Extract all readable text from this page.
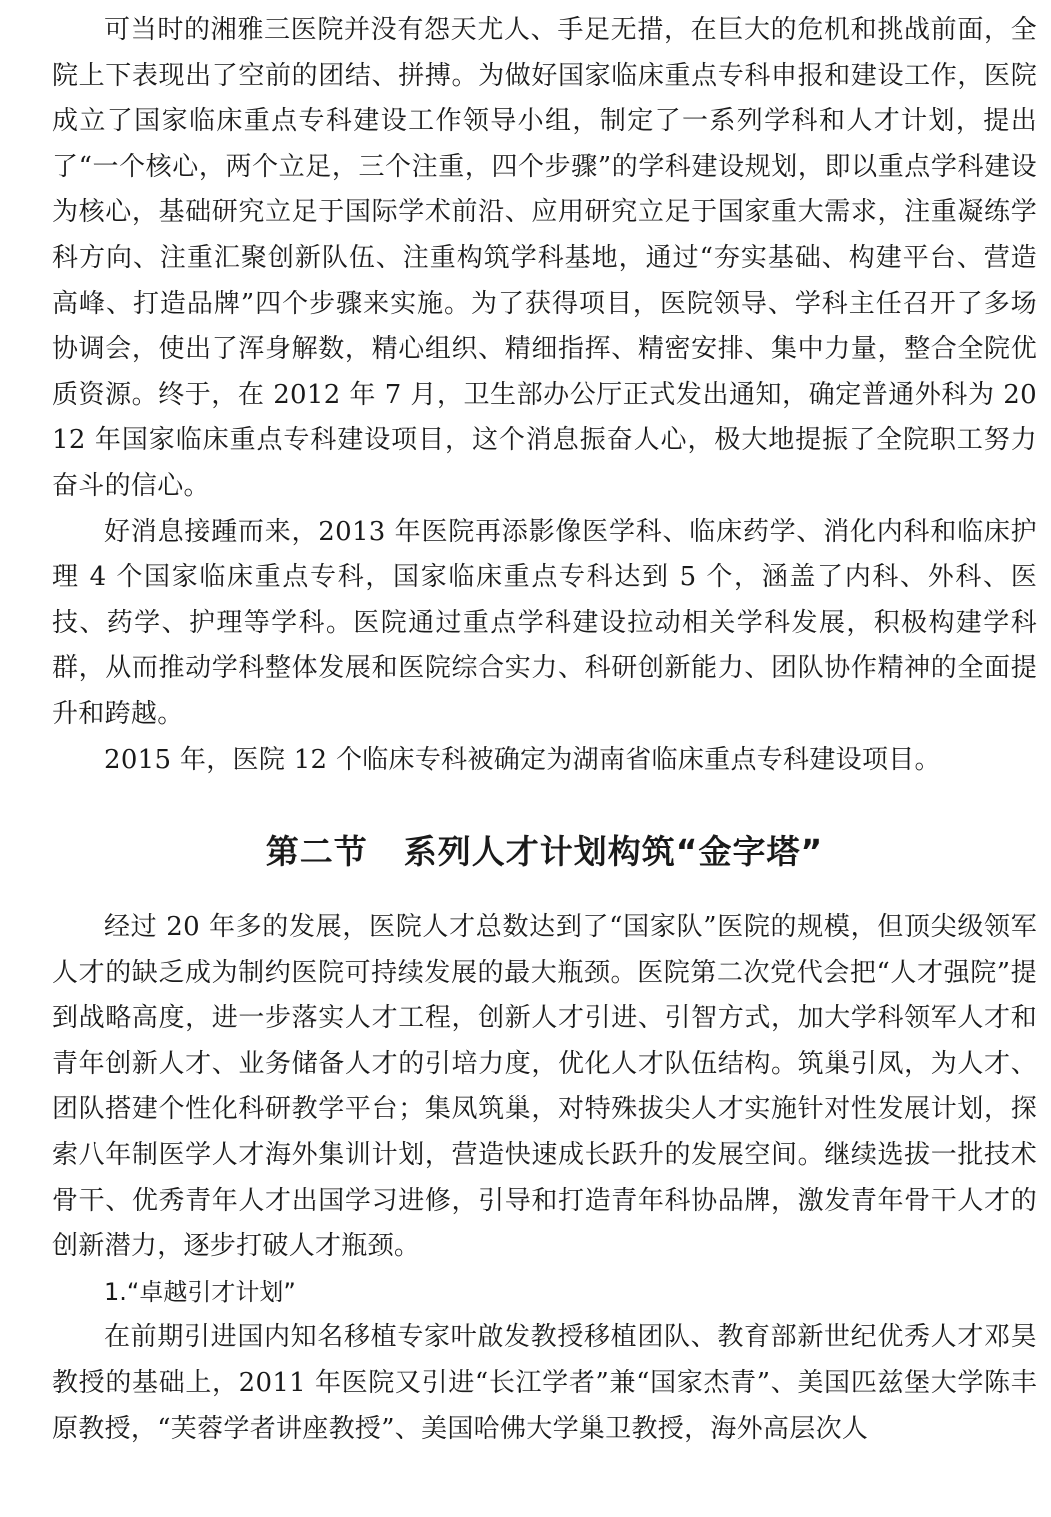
可当时的湘雅三医院并没有怨天尤人、手足无措，在巨大的危机和挑战前面，全院上下表现出了空前的团结、拼搏。为做好国家临床重点专科申报和建设工作，医院成立了国家临床重点专科建设工作领导小组，制定了一系列学科和人才计划，提出了“一个核心，两个立足，三个注重，四个步骤”的学科建设规划，即以重点学科建设为核心，基础研究立足于国际学术前沿、应用研究立足于国家重大需求，注重凝练学科方向、注重汇聚创新队伍、注重构筑学科基地，通过“夯实基础、构建平台、营造高峰、打造品牌”四个步骤来实施。为了获得项目，医院领导、学科主任召开了多场协调会，使出了浑身解数，精心组织、精细指挥、精密安排、集中力量，整合全院优质资源。终于，在 2012 年 7 月，卫生部办公厅正式发出通知，确定普通外科为 2012 年国家临床重点专科建设项目，这个消息振奋人心，极大地提振了全院职工努力奋斗的信心。

好消息接踵而来，2013 年医院再添影像医学科、临床药学、消化内科和临床护理 4 个国家临床重点专科，国家临床重点专科达到 5 个，涵盖了内科、外科、医技、药学、护理等学科。医院通过重点学科建设拉动相关学科发展，积极构建学科群，从而推动学科整体发展和医院综合实力、科研创新能力、团队协作精神的全面提升和跨越。

2015 年，医院 12 个临床专科被确定为湖南省临床重点专科建设项目。

第二节 系列人才计划构筑“金字塔”

经过 20 年多的发展，医院人才总数达到了“国家队”医院的规模，但顶尖级领军人才的缺乏成为制约医院可持续发展的最大瓶颈。医院第二次党代会把“人才强院”提到战略高度，进一步落实人才工程，创新人才引进、引智方式，加大学科领军人才和青年创新人才、业务储备人才的引培力度，优化人才队伍结构。筑巢引凤，为人才、团队搭建个性化科研教学平台；集凤筑巢，对特殊拔尖人才实施针对性发展计划，探索八年制医学人才海外集训计划，营造快速成长跃升的发展空间。继续选拔一批技术骨干、优秀青年人才出国学习进修，引导和打造青年科协品牌，激发青年骨干人才的创新潜力，逐步打破人才瓶颈。

1.“卓越引才计划”

在前期引进国内知名移植专家叶啟发教授移植团队、教育部新世纪优秀人才邓昊教授的基础上，2011 年医院又引进“长江学者”兼“国家杰青”、美国匹兹堡大学陈丰原教授，“芙蓉学者讲座教授”、美国哈佛大学巢卫教授，海外高层次人
